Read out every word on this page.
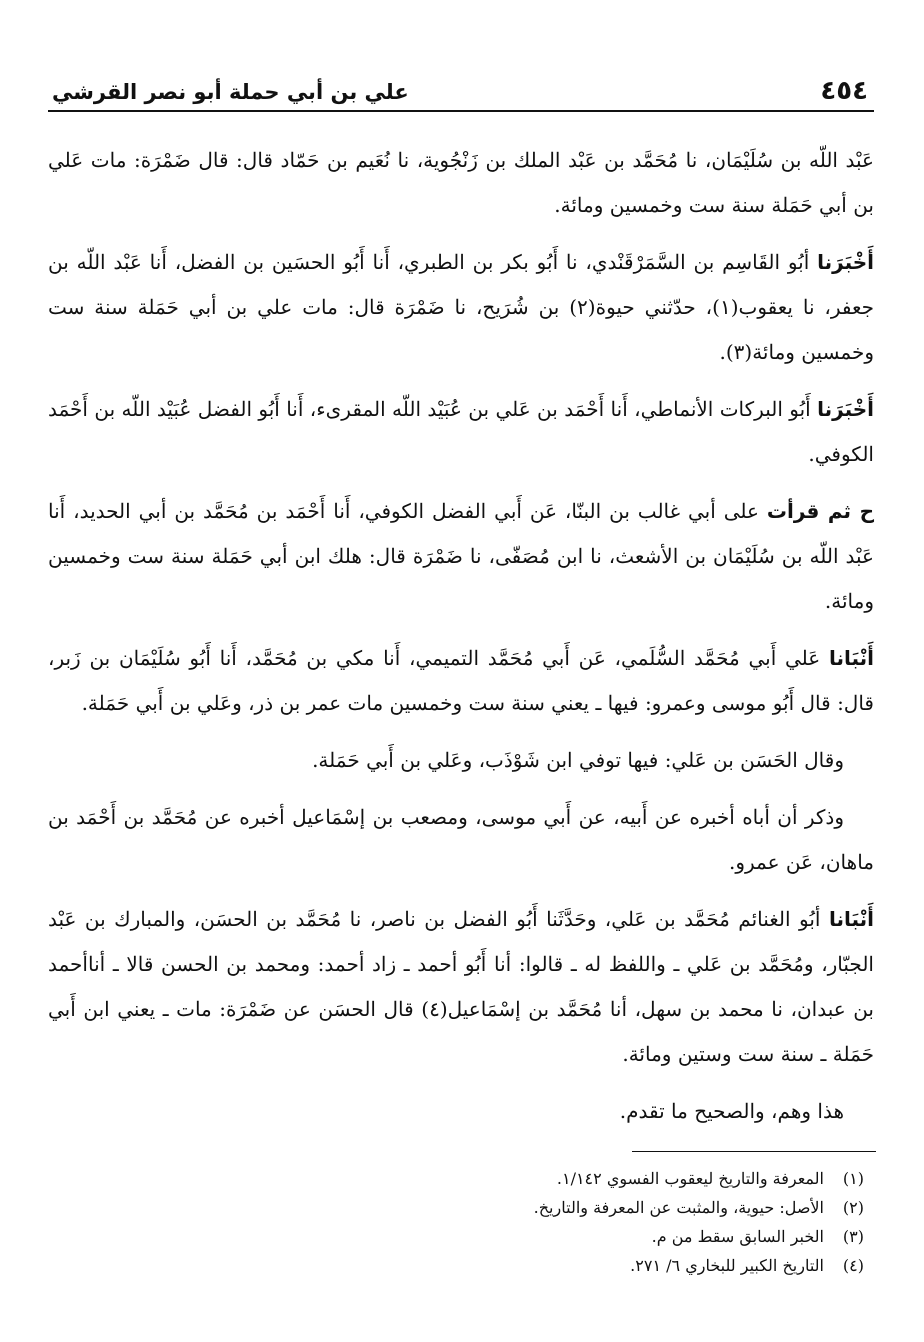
٤٥٤
علي بن أبي حملة أبو نصر القرشي

عَبْد اللّه بن سُلَيْمَان، نا مُحَمَّد بن عَبْد الملك بن زَنْجُوية، نا نُعَيم بن حَمّاد قال: قال ضَمْرَة: مات عَلي بن أبي حَمَلة سنة ست وخمسين ومائة.

أَخْبَرَنا أبُو القَاسِم بن السَّمَرْقَنْدي، نا أَبُو بكر بن الطبري، أَنا أَبُو الحسَين بن الفضل، أَنا عَبْد اللّه بن جعفر، نا يعقوب(١)، حدّثني حيوة(٢) بن شُرَيح، نا ضَمْرَة قال: مات علي بن أبي حَمَلة سنة ست وخمسين ومائة(٣).

أَخْبَرَنا أَبُو البركات الأنماطي، أَنا أَحْمَد بن عَلي بن عُبَيْد اللّه المقرىء، أَنا أَبُو الفضل عُبَيْد اللّه بن أَحْمَد الكوفي.

ح ثم قرأت على أبي غالب بن البنّا، عَن أَبي الفضل الكوفي، أَنا أَحْمَد بن مُحَمَّد بن أبي الحديد، أَنا عَبْد اللّه بن سُلَيْمَان بن الأشعث، نا ابن مُصَفّى، نا ضَمْرَة قال: هلك ابن أبي حَمَلة سنة ست وخمسين ومائة.

أَنْبَانا عَلي أَبي مُحَمَّد السُّلَمي، عَن أَبي مُحَمَّد التميمي، أَنا مكي بن مُحَمَّد، أَنا أَبُو سُلَيْمَان بن زَبر، قال: قال أَبُو موسى وعمرو: فيها ـ يعني سنة ست وخمسين مات عمر بن ذر، وعَلي بن أَبي حَمَلة.

وقال الحَسَن بن عَلي: فيها توفي ابن شَوْذَب، وعَلي بن أَبي حَمَلة.

وذكر أن أباه أخبره عن أَبيه، عن أَبي موسى، ومصعب بن إسْمَاعيل أخبره عن مُحَمَّد بن أَحْمَد بن ماهان، عَن عمرو.

أَنْبَانا أبُو الغنائم مُحَمَّد بن عَلي، وحَدَّثَنا أَبُو الفضل بن ناصر، نا مُحَمَّد بن الحسَن، والمبارك بن عَبْد الجبّار، ومُحَمَّد بن عَلي ـ واللفظ له ـ قالوا: أنا أَبُو أحمد ـ زاد أحمد: ومحمد بن الحسن قالا ـ أناأحمد بن عبدان، نا محمد بن سهل، أنا مُحَمَّد بن إسْمَاعيل(٤) قال الحسَن عن ضَمْرَة: مات ـ يعني ابن أَبي حَمَلة ـ سنة ست وستين ومائة.

هذا وهم، والصحيح ما تقدم.

(١)المعرفة والتاريخ ليعقوب الفسوي ١/١٤٢.
(٢)الأصل: حيوية، والمثبت عن المعرفة والتاريخ.
(٣)الخبر السابق سقط من م.
(٤)التاريخ الكبير للبخاري ٦/ ٢٧١.
